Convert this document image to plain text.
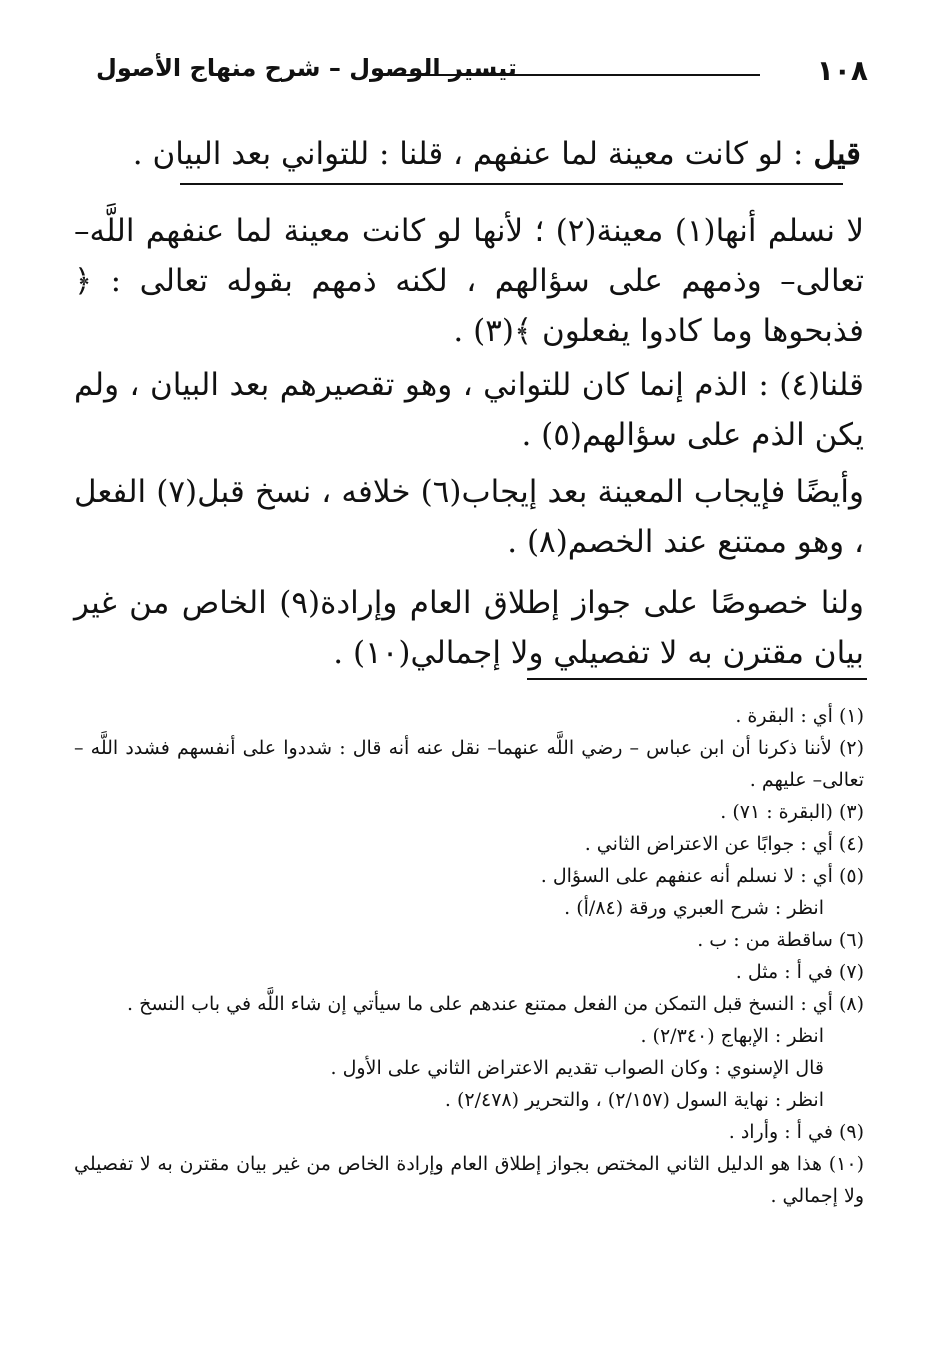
١٠٨
تيسير الوصول – شرح منهاج الأصول
قيل : لو كانت معينة لما عنفهم ، قلنا : للتواني بعد البيان .
لا نسلم أنها(١) معينة(٢) ؛ لأنها لو كانت معينة لما عنفهم اللَّه– تعالى– وذمهم على سؤالهم ، لكنه ذمهم بقوله تعالى : ﴿ فذبحوها وما كادوا يفعلون ﴾(٣) .
قلنا(٤) : الذم إنما كان للتواني ، وهو تقصيرهم بعد البيان ، ولم يكن الذم على سؤالهم(٥) .
وأيضًا فإيجاب المعينة بعد إيجاب(٦) خلافه ، نسخ قبل(٧) الفعل ، وهو ممتنع عند الخصم(٨) .
ولنا خصوصًا على جواز إطلاق العام وإرادة(٩) الخاص من غير بيان مقترن به لا تفصيلي ولا إجمالي(١٠) .

(١) أي : البقرة .

(٢) لأننا ذكرنا أن ابن عباس – رضي اللَّه عنهما– نقل عنه أنه قال : شددوا على أنفسهم فشدد اللَّه – تعالى– عليهم .

(٣) (البقرة : ٧١) .

(٤) أي : جوابًا عن الاعتراض الثاني .

(٥) أي : لا نسلم أنه عنفهم على السؤال .

انظر : شرح العبري ورقة (٨٤/أ) .

(٦) ساقطة من : ب .

(٧) في أ : مثل .

(٨) أي : النسخ قبل التمكن من الفعل ممتنع عندهم على ما سيأتي إن شاء اللَّه في باب النسخ .

انظر : الإبهاج (٢/٣٤٠) .

قال الإسنوي : وكان الصواب تقديم الاعتراض الثاني على الأول .

انظر : نهاية السول (٢/١٥٧) ، والتحرير (٢/٤٧٨) .

(٩) في أ : وأراد .

(١٠) هذا هو الدليل الثاني المختص بجواز إطلاق العام وإرادة الخاص من غير بيان مقترن به لا تفصيلي ولا إجمالي .
